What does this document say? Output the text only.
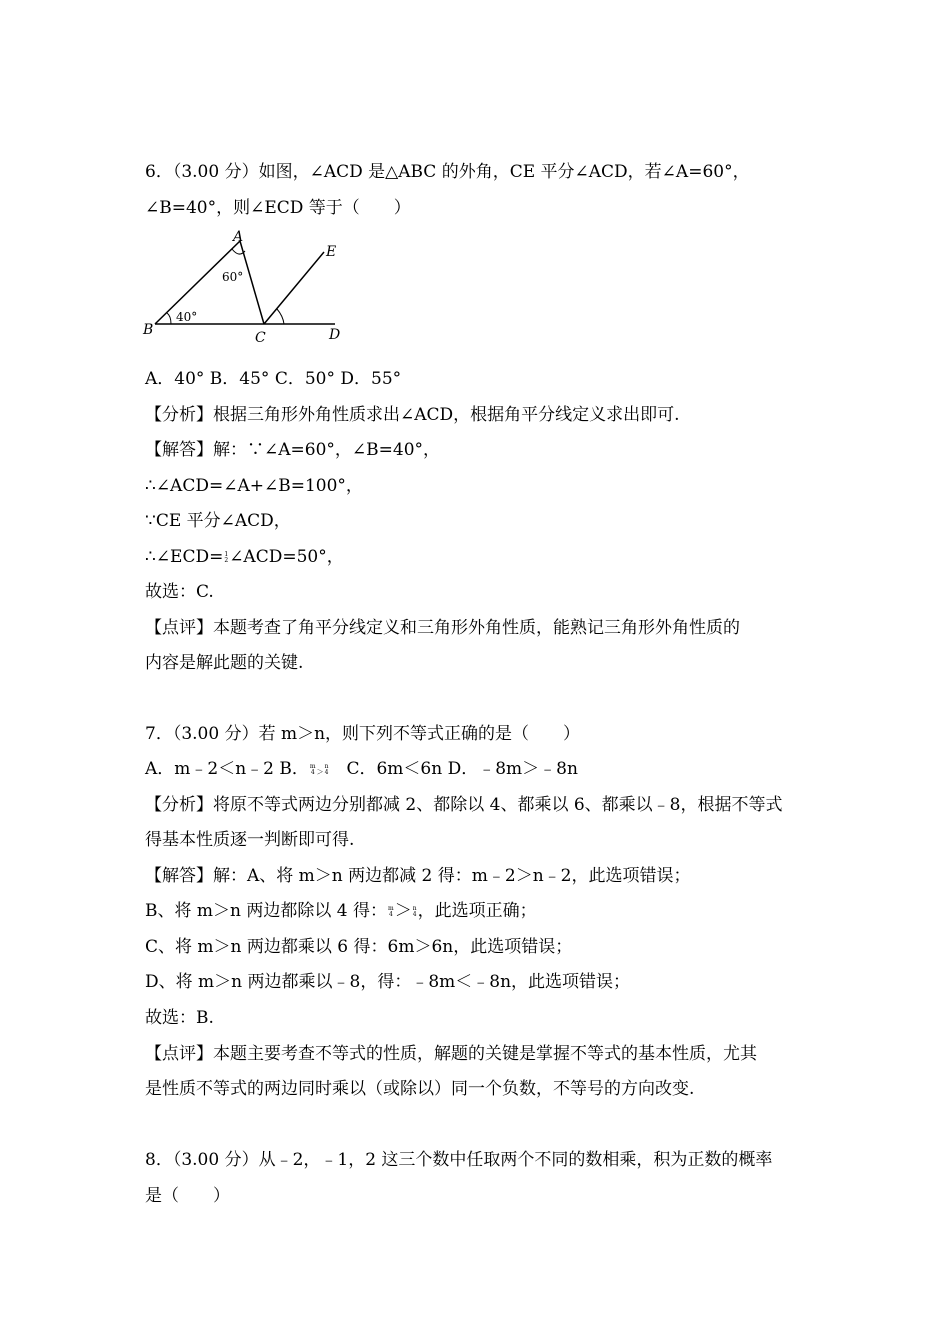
6．（3.00 分）如图，∠ACD 是△ABC 的外角，CE 平分∠ACD，若∠A=60°，
∠B=40°，则∠ECD 等于（　　）
A
B	C	D
E
60°
40°
A．40° B．45° C．50° D．55°
【分析】根据三角形外角性质求出∠ACD，根据角平分线定义求出即可.
【解答】解：∵∠A=60°，∠B=40°，
∴∠ACD=∠A+∠B=100°，
∵CE 平分∠ACD，
∴∠ECD= 1
2 ∠ACD=50°，
故选：C.
【点评】本题考查了角平分线定义和三角形外角性质，能熟记三角形外角性质的
内容是解此题的关键.
7．（3.00 分）若 m＞n，则下列不等式正确的是（　　）
A．m﹣2＜n﹣2 B． m
4 ＞
n
4 　C．6m＜6n D．﹣8m＞﹣8n
【分析】将原不等式两边分别都减 2、都除以 4、都乘以 6、都乘以﹣8，根据不等式
得基本性质逐一判断即可得.
【解答】解：A、将 m＞n 两边都减 2 得：m﹣2＞n﹣2，此选项错误；
B、将 m＞n 两边都除以 4 得： m
4 ＞ n
4 ，此选项正确；
C、将 m＞n 两边都乘以 6 得：6m＞6n，此选项错误；
D、将 m＞n 两边都乘以﹣8，得：﹣8m＜﹣8n，此选项错误；
故选：B.
【点评】本题主要考查不等式的性质，解题的关键是掌握不等式的基本性质，尤其
是性质不等式的两边同时乘以（或除以）同一个负数，不等号的方向改变.
8．（3.00 分）从﹣2，﹣1，2 这三个数中任取两个不同的数相乘，积为正数的概率
是（　　）
